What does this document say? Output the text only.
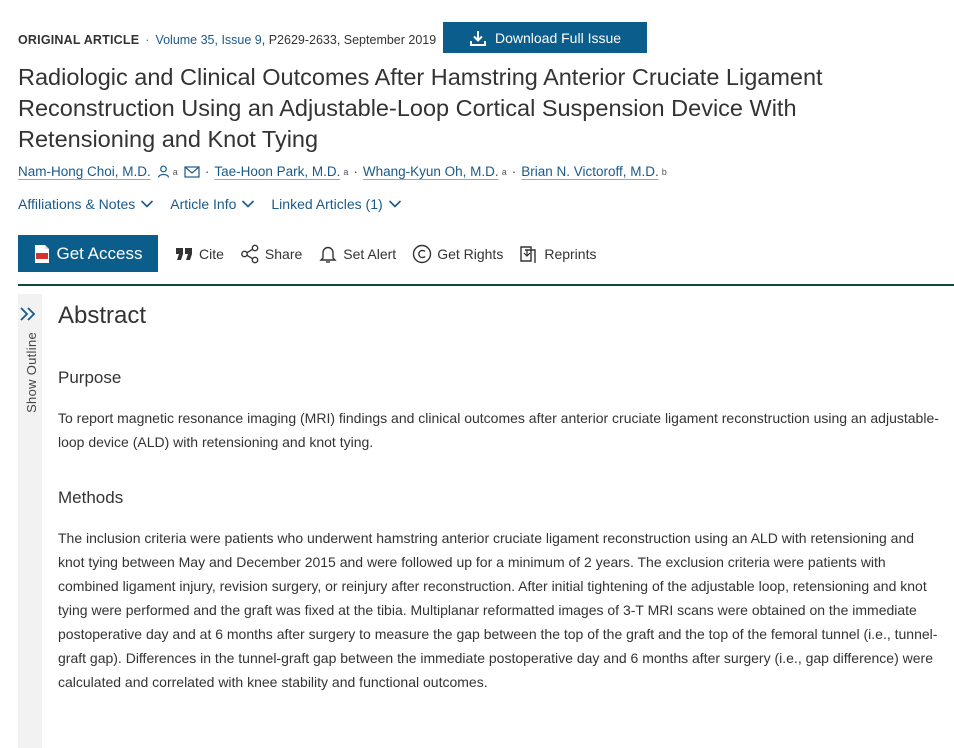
ORIGINAL ARTICLE · Volume 35, Issue 9 , P2629-2633, September 2019	Download Full Issue
Radiologic and Clinical Outcomes After Hamstring Anterior Cruciate Ligament Reconstruction Using an Adjustable-Loop Cortical Suspension Device With Retensioning and Knot Tying
Nam-Hong Choi, M.D. a · Tae-Hoon Park, M.D. a · Whang-Kyun Oh, M.D. a · Brian N. Victoroff, M.D. b
Affiliations & Notes	Article Info	Linked Articles (1)
Get Access	Cite	Share	Set Alert	Get Rights	Reprints
Show Outline
Abstract
Purpose

To report magnetic resonance imaging (MRI) findings and clinical outcomes after anterior cruciate ligament reconstruction using an adjustable-loop device (ALD) with retensioning and knot tying.

Methods

The inclusion criteria were patients who underwent hamstring anterior cruciate ligament reconstruction using an ALD with retensioning and knot tying between May and December 2015 and were followed up for a minimum of 2 years. The exclusion criteria were patients with combined ligament injury, revision surgery, or reinjury after reconstruction. After initial tightening of the adjustable loop, retensioning and knot tying were performed and the graft was fixed at the tibia. Multiplanar reformatted images of 3-T MRI scans were obtained on the immediate postoperative day and at 6 months after surgery to measure the gap between the top of the graft and the top of the femoral tunnel (i.e., tunnel-graft gap). Differences in the tunnel-graft gap between the immediate postoperative day and 6 months after surgery (i.e., gap difference) were calculated and correlated with knee stability and functional outcomes.
